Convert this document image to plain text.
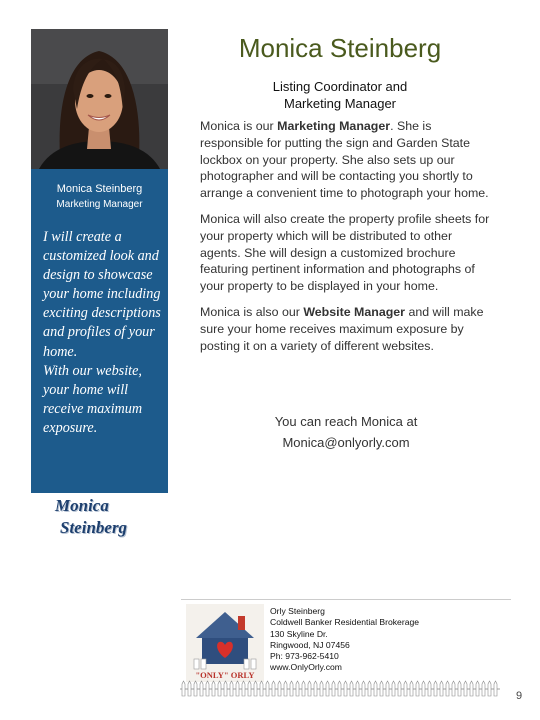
Monica Steinberg
Marketing Manager

I will create a customized look and design to showcase your home including exciting descriptions and profiles of your home.

With our website, your home will receive maximum exposure.

Monica
Steinberg
Monica Steinberg
Listing Coordinator and
Marketing Manager

Monica is our Marketing Manager. She is responsible for putting the sign and Garden State lockbox on your property. She also sets up our photographer and will be contacting you shortly to arrange a convenient time to photograph your home.

Monica will also create the property profile sheets for your property which will be distributed to other agents. She will design a customized brochure featuring pertinent information and photographs of your property to be displayed in your home.

Monica is also our Website Manager and will make sure your home receives maximum exposure by posting it on a variety of different websites.

You can reach Monica at
Monica@onlyorly.com
"ONLY" ORLY
Orly Steinberg
Coldwell Banker Residential Brokerage
130 Skyline Dr.
Ringwood, NJ 07456
Ph: 973-962-5410
www.OnlyOrly.com
9
